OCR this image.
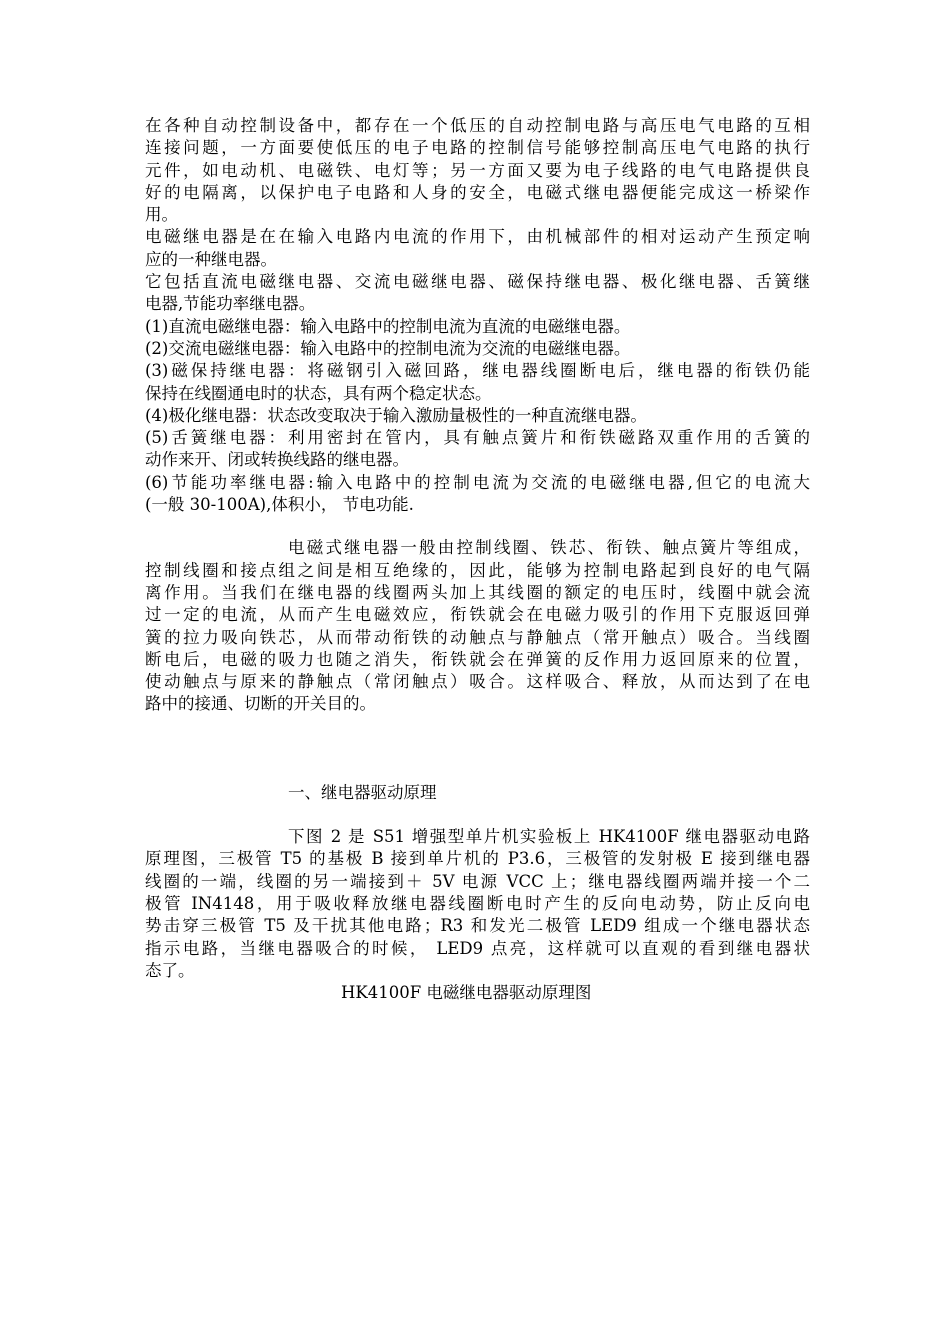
在各种自动控制设备中，都存在一个低压的自动控制电路与高压电气电路的互相
连接问题，一方面要使低压的电子电路的控制信号能够控制高压电气电路的执行
元件，如电动机、电磁铁、电灯等；另一方面又要为电子线路的电气电路提供良
好的电隔离，以保护电子电路和人身的安全，电磁式继电器便能完成这一桥梁作
用。
电磁继电器是在在输入电路内电流的作用下，由机械部件的相对运动产生预定响
应的一种继电器。
它包括直流电磁继电器、交流电磁继电器、磁保持继电器、极化继电器、舌簧继
电器,节能功率继电器。
(1)直流电磁继电器：输入电路中的控制电流为直流的电磁继电器。
(2)交流电磁继电器：输入电路中的控制电流为交流的电磁继电器。
(3)磁保持继电器：将磁钢引入磁回路，继电器线圈断电后，继电器的衔铁仍能
保持在线圈通电时的状态，具有两个稳定状态。
(4)极化继电器：状态改变取决于输入激励量极性的一种直流继电器。
(5)舌簧继电器：利用密封在管内，具有触点簧片和衔铁磁路双重作用的舌簧的
动作来开、闭或转换线路的继电器。
(6)节能功率继电器:输入电路中的控制电流为交流的电磁继电器,但它的电流大
(一般 30-100A),体积小， 节电功能.
电磁式继电器一般由控制线圈、铁芯、衔铁、触点簧片等组成，
控制线圈和接点组之间是相互绝缘的，因此，能够为控制电路起到良好的电气隔
离作用。当我们在继电器的线圈两头加上其线圈的额定的电压时，线圈中就会流
过一定的电流，从而产生电磁效应，衔铁就会在电磁力吸引的作用下克服返回弹
簧的拉力吸向铁芯，从而带动衔铁的动触点与静触点（常开触点）吸合。当线圈
断电后，电磁的吸力也随之消失，衔铁就会在弹簧的反作用力返回原来的位置，
使动触点与原来的静触点（常闭触点）吸合。这样吸合、释放，从而达到了在电
路中的接通、切断的开关目的。
一、继电器驱动原理
下图 2 是 S51 增强型单片机实验板上 HK4100F 继电器驱动电路
原理图，三极管 T5 的基极 B 接到单片机的 P3.6，三极管的发射极 E 接到继电器
线圈的一端，线圈的另一端接到＋ 5V 电源 VCC 上；继电器线圈两端并接一个二
极管 IN4148，用于吸收释放继电器线圈断电时产生的反向电动势，防止反向电
势击穿三极管 T5 及干扰其他电路；R3 和发光二极管 LED9 组成一个继电器状态
指示电路，当继电器吸合的时候， LED9 点亮，这样就可以直观的看到继电器状
态了。
HK4100F 电磁继电器驱动原理图
